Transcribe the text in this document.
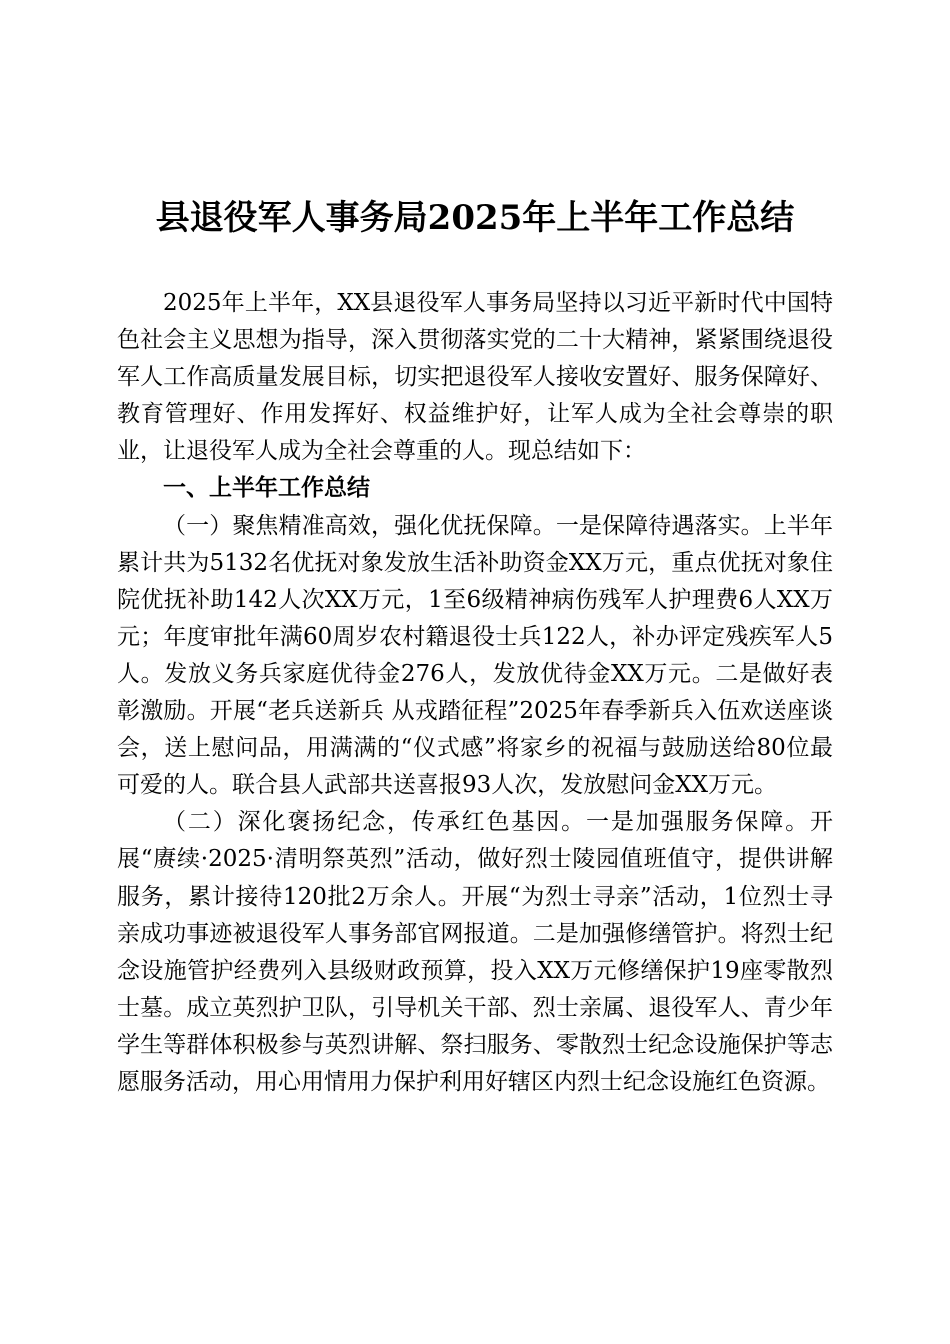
县退役军人事务局2025年上半年工作总结

2025年上半年，XX县退役军人事务局坚持以习近平新时代中国特色社会主义思想为指导，深入贯彻落实党的二十大精神，紧紧围绕退役军人工作高质量发展目标，切实把退役军人接收安置好、服务保障好、教育管理好、作用发挥好、权益维护好，让军人成为全社会尊崇的职业，让退役军人成为全社会尊重的人。现总结如下：

一、上半年工作总结

（一）聚焦精准高效，强化优抚保障。一是保障待遇落实。上半年累计共为5132名优抚对象发放生活补助资金XX万元，重点优抚对象住院优抚补助142人次XX万元，1至6级精神病伤残军人护理费6人XX万元；年度审批年满60周岁农村籍退役士兵122人，补办评定残疾军人5人。发放义务兵家庭优待金276人，发放优待金XX万元。二是做好表彰激励。开展“老兵送新兵 从戎踏征程”2025年春季新兵入伍欢送座谈会，送上慰问品，用满满的“仪式感”将家乡的祝福与鼓励送给80位最可爱的人。联合县人武部共送喜报93人次，发放慰问金XX万元。

（二）深化褒扬纪念，传承红色基因。一是加强服务保障。开展“赓续·2025·清明祭英烈”活动，做好烈士陵园值班值守，提供讲解服务，累计接待120批2万余人。开展“为烈士寻亲”活动，1位烈士寻亲成功事迹被退役军人事务部官网报道。二是加强修缮管护。将烈士纪念设施管护经费列入县级财政预算，投入XX万元修缮保护19座零散烈士墓。成立英烈护卫队，引导机关干部、烈士亲属、退役军人、青少年学生等群体积极参与英烈讲解、祭扫服务、零散烈士纪念设施保护等志愿服务活动，用心用情用力保护利用好辖区内烈士纪念设施红色资源。
